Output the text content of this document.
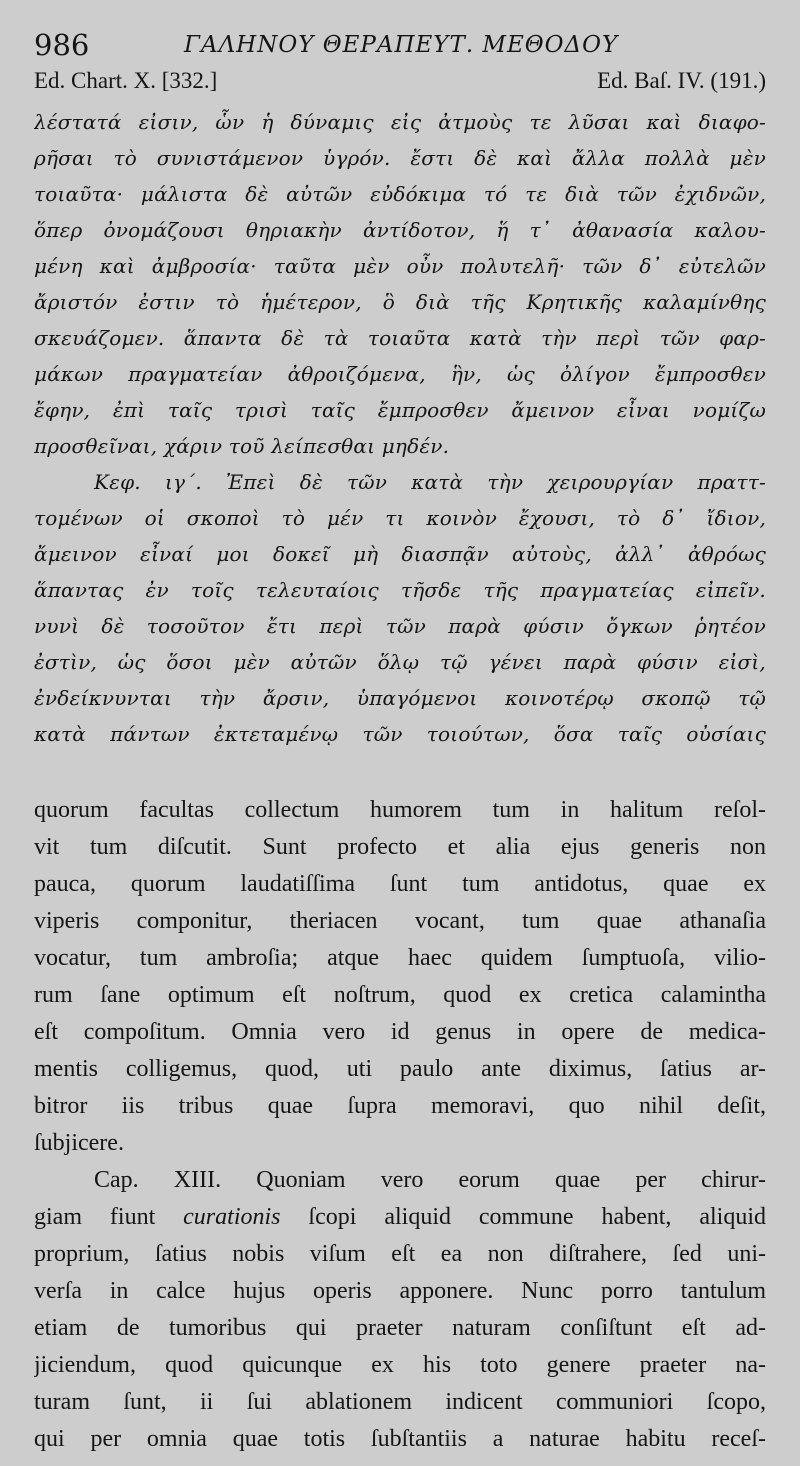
986	ΓΑΛΗΝΟΥ ΘΕΡΑΠΕΥΤ. ΜΕΘΟΔΟΥ
Ed. Chart. X. [332.]	Ed. Baſ. IV. (191.)
λέστατά εἰσιν, ὧν ἡ δύναμις εἰς ἀτμοὺς τε λῦσαι καὶ διαφο-
ρῆσαι τὸ συνιστάμενον ὑγρόν. ἔστι δὲ καὶ ἄλλα πολλὰ μὲν
τοιαῦτα· μάλιστα δὲ αὐτῶν εὐδόκιμα τό τε διὰ τῶν ἐχιδνῶν,
ὅπερ ὀνομάζουσι θηριακὴν ἀντίδοτον, ἥ τ᾽ ἀθανασία καλου-
μένη καὶ ἀμβροσία· ταῦτα μὲν οὖν πολυτελῆ· τῶν δ᾽ εὐτελῶν
ἄριστόν ἐστιν τὸ ἡμέτερον, ὃ διὰ τῆς Κρητικῆς καλαμίνθης
σκευάζομεν. ἅπαντα δὲ τὰ τοιαῦτα κατὰ τὴν περὶ τῶν φαρ-
μάκων πραγματείαν ἀθροιζόμενα, ἣν, ὡς ὀλίγον ἔμπροσθεν
ἔφην, ἐπὶ ταῖς τρισὶ ταῖς ἔμπροσθεν ἄμεινον εἶναι νομίζω
προσθεῖναι, χάριν τοῦ λείπεσθαι μηδέν.
Κεφ. ιγ΄. Ἐπεὶ δὲ τῶν κατὰ τὴν χειρουργίαν πραττ-
τομένων οἱ σκοποὶ τὸ μέν τι κοινὸν ἔχουσι, τὸ δ᾽ ἴδιον,
ἄμεινον εἶναί μοι δοκεῖ μὴ διασπᾷν αὐτοὺς, ἀλλ᾽ ἀθρόως
ἅπαντας ἐν τοῖς τελευταίοις τῆσδε τῆς πραγματείας εἰπεῖν.
νυνὶ δὲ τοσοῦτον ἔτι περὶ τῶν παρὰ φύσιν ὄγκων ῥητέον
ἐστὶν, ὡς ὅσοι μὲν αὐτῶν ὅλῳ τῷ γένει παρὰ φύσιν εἰσὶ,
ἐνδείκνυνται τὴν ἄρσιν, ὑπαγόμενοι κοινοτέρῳ σκοπῷ τῷ
κατὰ πάντων ἐκτεταμένῳ τῶν τοιούτων, ὅσα ταῖς οὐσίαις
quorum facultas collectum humorem tum in halitum reſol-
vit tum diſcutit. Sunt profecto et alia ejus generis non
pauca, quorum laudatiſſima ſunt tum antidotus, quae ex
viperis componitur, theriacen vocant, tum quae athanaſia
vocatur, tum ambroſia; atque haec quidem ſumptuoſa, vilio-
rum ſane optimum eſt noſtrum, quod ex cretica calamintha
eſt compoſitum. Omnia vero id genus in opere de medica-
mentis colligemus, quod, uti paulo ante diximus, ſatius ar-
bitror iis tribus quae ſupra memoravi, quo nihil deſit,
ſubjicere.
Cap. XIII. Quoniam vero eorum quae per chirur-
giam fiunt curationis ſcopi aliquid commune habent, aliquid
proprium, ſatius nobis viſum eſt ea non diſtrahere, ſed uni-
verſa in calce hujus operis apponere. Nunc porro tantulum
etiam de tumoribus qui praeter naturam conſiſtunt eſt ad-
jiciendum, quod quicunque ex his toto genere praeter na-
turam ſunt, ii ſui ablationem indicent communiori ſcopo,
qui per omnia quae totis ſubſtantiis a naturae habitu receſ-
